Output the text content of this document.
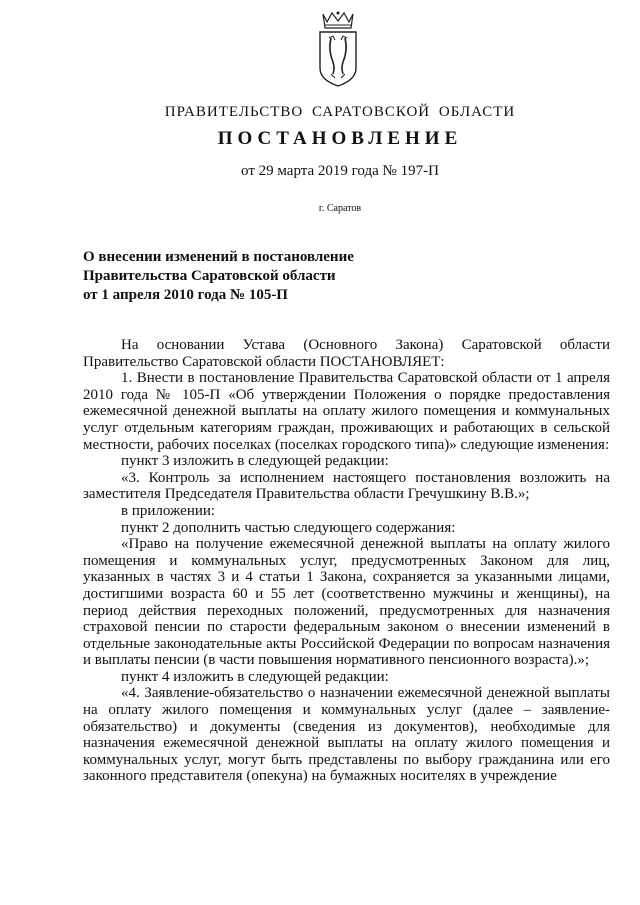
ПРАВИТЕЛЬСТВО САРАТОВСКОЙ ОБЛАСТИ
ПОСТАНОВЛЕНИЕ
от 29 марта 2019 года № 197-П
г. Саратов
О внесении изменений в постановление
Правительства Саратовской области
от 1 апреля 2010 года № 105-П

На основании Устава (Основного Закона) Саратовской области Правительство Саратовской области ПОСТАНОВЛЯЕТ:

1. Внести в постановление Правительства Саратовской области от 1 апреля 2010 года № 105-П «Об утверждении Положения о порядке предоставления ежемесячной денежной выплаты на оплату жилого помещения и коммунальных услуг отдельным категориям граждан, проживающих и работающих в сельской местности, рабочих поселках (поселках городского типа)» следующие изменения:

пункт 3 изложить в следующей редакции:

«3. Контроль за исполнением настоящего постановления возложить на заместителя Председателя Правительства области Гречушкину В.В.»;

в приложении:

пункт 2 дополнить частью следующего содержания:

«Право на получение ежемесячной денежной выплаты на оплату жилого помещения и коммунальных услуг, предусмотренных Законом для лиц, указанных в частях 3 и 4 статьи 1 Закона, сохраняется за указанными лицами, достигшими возраста 60 и 55 лет (соответственно мужчины и женщины), на период действия переходных положений, предусмотренных для назначения страховой пенсии по старости федеральным законом о внесении изменений в отдельные законодательные акты Российской Федерации по вопросам назначения и выплаты пенсии (в части повышения нормативного пенсионного возраста).»;

пункт 4 изложить в следующей редакции:

«4. Заявление-обязательство о назначении ежемесячной денежной выплаты на оплату жилого помещения и коммунальных услуг (далее – заявление-обязательство) и документы (сведения из документов), необходимые для назначения ежемесячной денежной выплаты на оплату жилого помещения и коммунальных услуг, могут быть представлены по выбору гражданина или его законного представителя (опекуна) на бумажных носителях в учреждение
